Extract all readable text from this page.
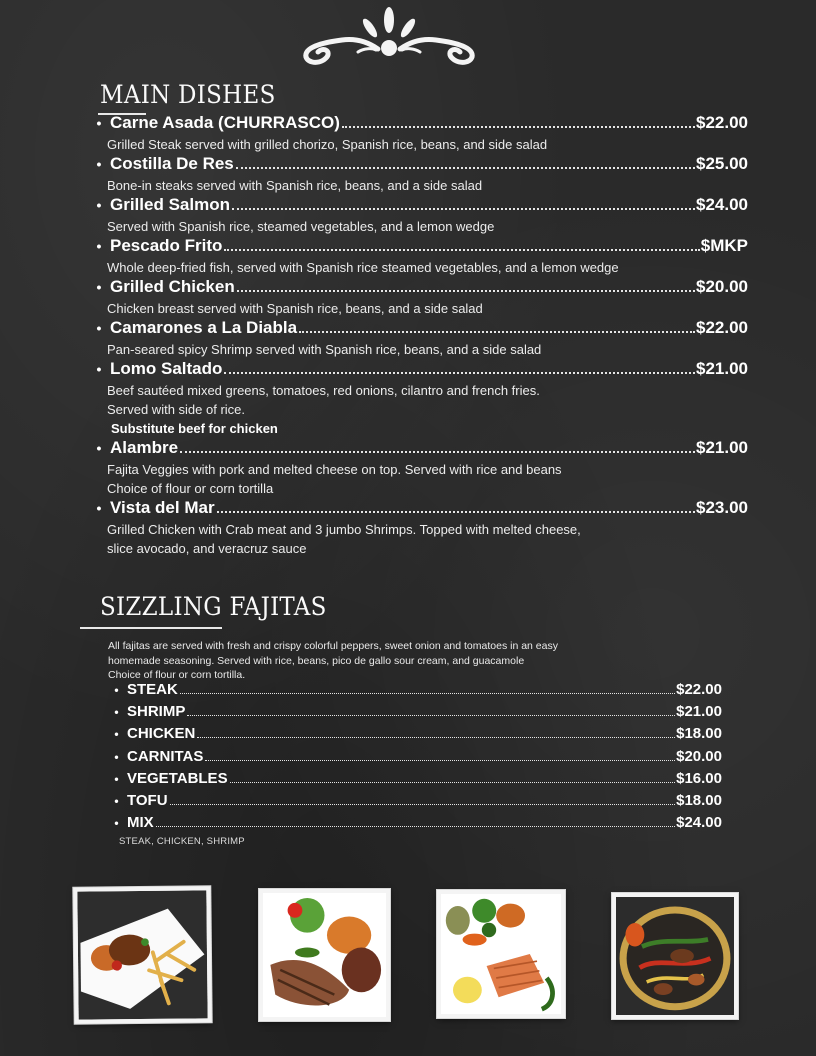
MAIN DISHES
• Carne Asada (CHURRASCO)	$22.00

Grilled Steak served with grilled chorizo, Spanish rice, beans, and side salad

• Costilla De Res	$25.00

Bone-in steaks served with Spanish rice, beans, and a side salad

• Grilled Salmon	$24.00

Served with Spanish rice, steamed vegetables, and a lemon wedge

• Pescado Frito	$MKP

Whole deep-fried fish, served with Spanish rice steamed vegetables, and a lemon wedge

• Grilled Chicken	$20.00

Chicken breast served with Spanish rice, beans, and a side salad

• Camarones a La Diabla	$22.00

Pan-seared spicy Shrimp served with Spanish rice, beans, and a side salad

• Lomo Saltado	$21.00

Beef sautéed mixed greens, tomatoes, red onions, cilantro and french fries.

Served with side of rice.

Substitute beef for chicken

• Alambre	$21.00

Fajita Veggies with pork and melted cheese on top. Served with rice and beans

Choice of flour or corn tortilla

• Vista del Mar	$23.00

Grilled Chicken with Crab meat and 3 jumbo Shrimps. Topped with melted cheese,

slice avocado, and veracruz sauce

SIZZLING FAJITAS

All fajitas are served with fresh and crispy colorful peppers, sweet onion and tomatoes in an easy

homemade seasoning. Served with rice, beans, pico de gallo sour cream, and guacamole

Choice of flour or corn tortilla.

• STEAK	$22.00
• SHRIMP	$21.00
• CHICKEN	$18.00
• CARNITAS	$20.00
• VEGETABLES	$16.00
• TOFU	$18.00
• MIX	$24.00
STEAK, CHICKEN, SHRIMP
